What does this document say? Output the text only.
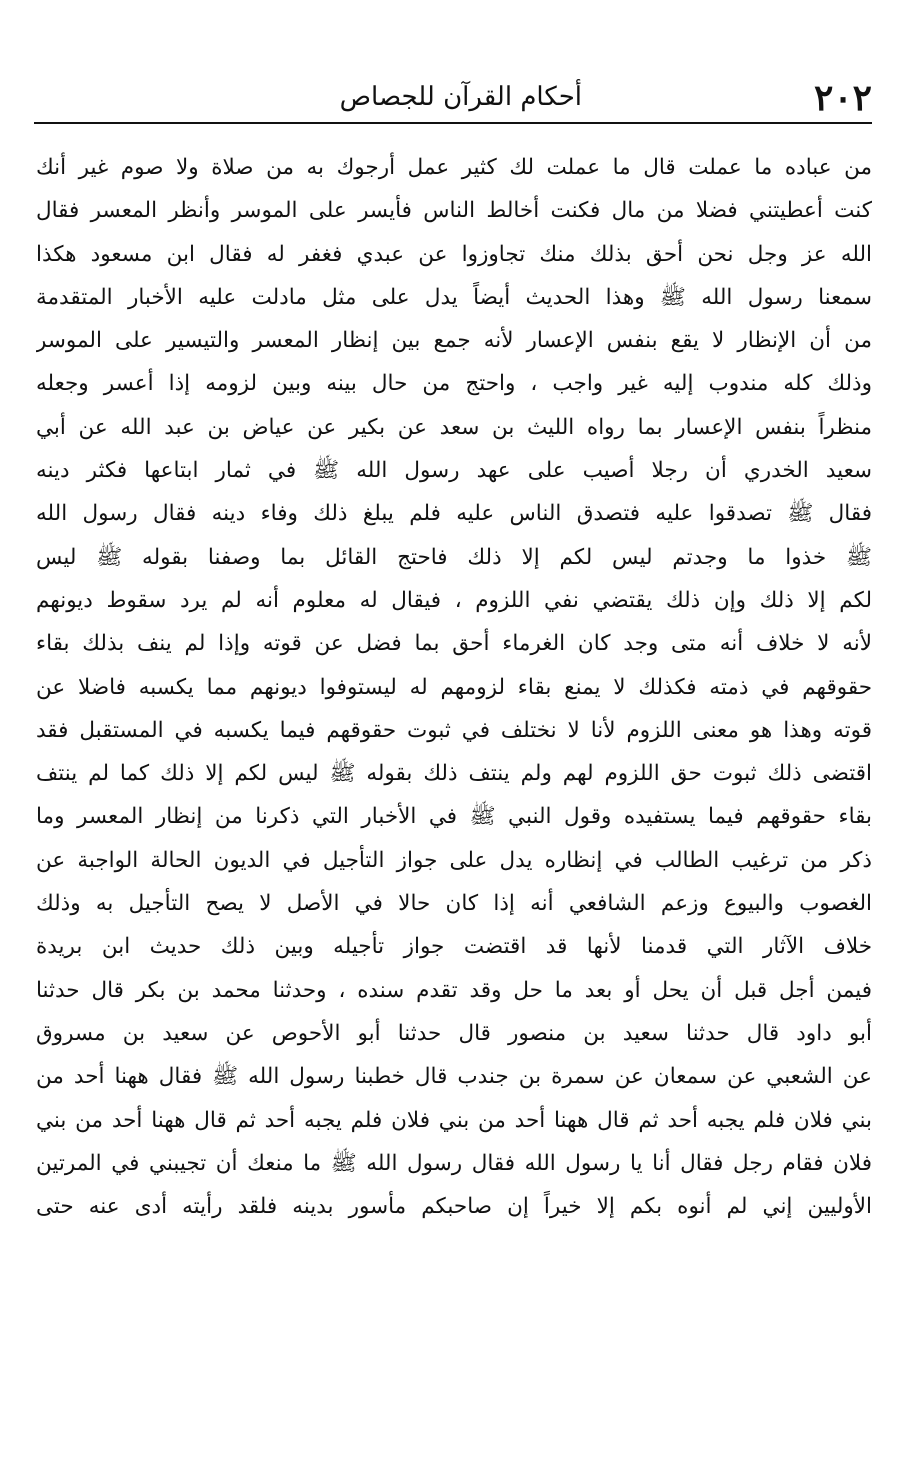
٢٠٢
أحكام القرآن للجصاص
من عباده ما عملت قال ما عملت لك كثير عمل أرجوك به من صلاة ولا صوم غير أنك
كنت أعطيتني فضلا من مال فكنت أخالط الناس فأيسر على الموسر وأنظر المعسر فقال
الله عز وجل نحن أحق بذلك منك تجاوزوا عن عبدي فغفر له فقال ابن مسعود هكذا
سمعنا رسول الله ﷺ وهذا الحديث أيضاً يدل على مثل مادلت عليه الأخبار المتقدمة
من أن الإنظار لا يقع بنفس الإعسار لأنه جمع بين إنظار المعسر والتيسير على الموسر
وذلك كله مندوب إليه غير واجب ، واحتج من حال بينه وبين لزومه إذا أعسر وجعله
منظراً بنفس الإعسار بما رواه الليث بن سعد عن بكير عن عياض بن عبد الله عن أبي
سعيد الخدري أن رجلا أصيب على عهد رسول الله ﷺ في ثمار ابتاعها فكثر دينه
فقال ﷺ تصدقوا عليه فتصدق الناس عليه فلم يبلغ ذلك وفاء دينه فقال رسول الله
ﷺ خذوا ما وجدتم ليس لكم إلا ذلك فاحتج القائل بما وصفنا بقوله ﷺ ليس
لكم إلا ذلك وإن ذلك يقتضي نفي اللزوم ، فيقال له معلوم أنه لم يرد سقوط ديونهم
لأنه لا خلاف أنه متى وجد كان الغرماء أحق بما فضل عن قوته وإذا لم ينف بذلك بقاء
حقوقهم في ذمته فكذلك لا يمنع بقاء لزومهم له ليستوفوا ديونهم مما يكسبه فاضلا عن
قوته وهذا هو معنى اللزوم لأنا لا نختلف في ثبوت حقوقهم فيما يكسبه في المستقبل فقد
اقتضى ذلك ثبوت حق اللزوم لهم ولم ينتف ذلك بقوله ﷺ ليس لكم إلا ذلك كما لم ينتف
بقاء حقوقهم فيما يستفيده وقول النبي ﷺ في الأخبار التي ذكرنا من إنظار المعسر وما
ذكر من ترغيب الطالب في إنظاره يدل على جواز التأجيل في الديون الحالة الواجبة عن
الغصوب والبيوع وزعم الشافعي أنه إذا كان حالا في الأصل لا يصح التأجيل به وذلك
خلاف الآثار التي قدمنا لأنها قد اقتضت جواز تأجيله وبين ذلك حديث ابن بريدة
فيمن أجل قبل أن يحل أو بعد ما حل وقد تقدم سنده ، وحدثنا محمد بن بكر قال حدثنا
أبو داود قال حدثنا سعيد بن منصور قال حدثنا أبو الأحوص عن سعيد بن مسروق
عن الشعبي عن سمعان عن سمرة بن جندب قال خطبنا رسول الله ﷺ فقال ههنا أحد من
بني فلان فلم يجبه أحد ثم قال ههنا أحد من بني فلان فلم يجبه أحد ثم قال ههنا أحد من بني
فلان فقام رجل فقال أنا يا رسول الله فقال رسول الله ﷺ ما منعك أن تجيبني في المرتين
الأوليين إني لم أنوه بكم إلا خيراً إن صاحبكم مأسور بدينه فلقد رأيته أدى عنه حتى
